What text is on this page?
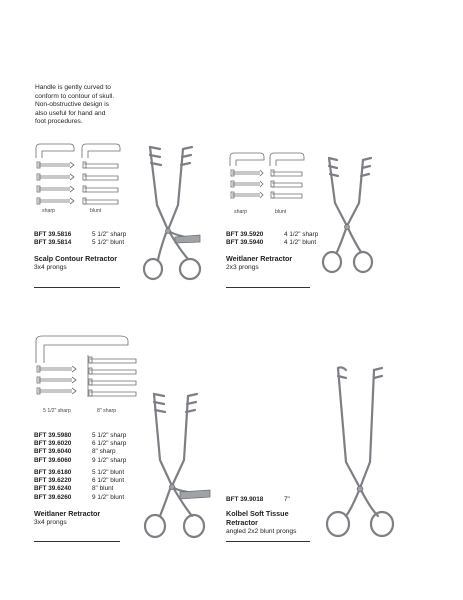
Handle is gently curved to
conform to contour of skull.
Non-obstructive design is
also useful for hand and
foot procedures.
sharp	blunt
BFT 39.5816	5 1/2" sharp
BFT 39.5814	5 1/2" blunt
Scalp Contour Retractor
3x4 prongs
sharp	blunt
BFT 39.5920	4 1/2" sharp
BFT 39.5940	4 1/2" blunt
Weitlaner Retractor
2x3 prongs
5 1/2" sharp	8" sharp
BFT 39.5980	5 1/2" sharp
BFT 39.6020	6 1/2" sharp
BFT 39.6040	8" sharp
BFT 39.6060	9 1/2" sharp
BFT 39.6180	5 1/2" blunt
BFT 39.6220	6 1/2" blunt
BFT 39.6240	8" blunt
BFT 39.6260	9 1/2" blunt
Weitlaner Retractor
3x4 prongs
BFT 39.9018	7"
Kolbel Soft Tissue
Retractor
angled 2x2 blunt prongs
